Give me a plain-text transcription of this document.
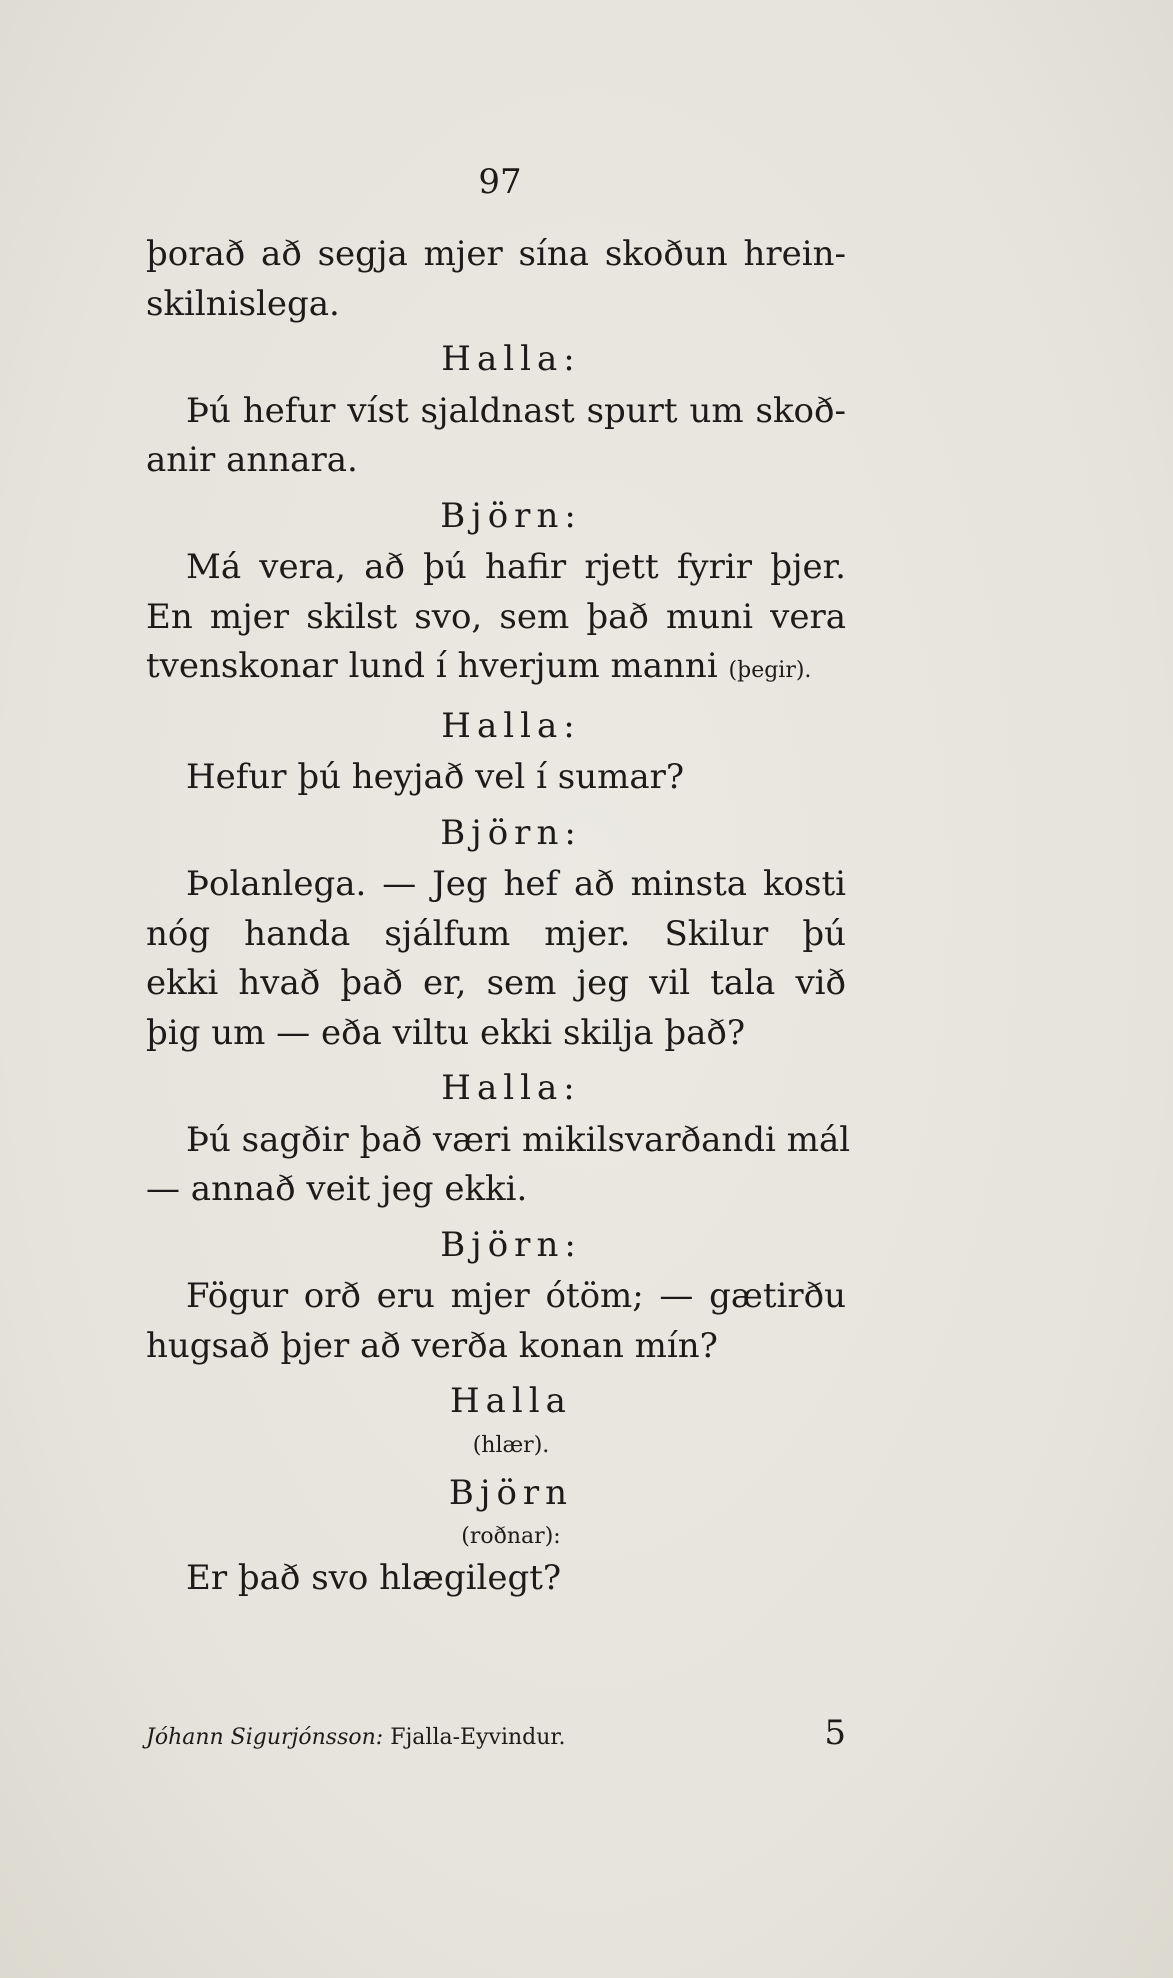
97
þorað að segja mjer sína skoðun hrein-
skilnislega.
Halla:
Þú hefur víst sjaldnast spurt um skoð-
anir annara.
Björn:
Má vera, að þú hafir rjett fyrir þjer.
En mjer skilst svo, sem það muni vera
tvenskonar lund í hverjum manni (þegir).
Halla:
Hefur þú heyjað vel í sumar?
Björn:
Þolanlega. — Jeg hef að minsta kosti
nóg handa sjálfum mjer. Skilur þú
ekki hvað það er, sem jeg vil tala við
þig um — eða viltu ekki skilja það?
Halla:
Þú sagðir það væri mikilsvarðandi mál
— annað veit jeg ekki.
Björn:
Fögur orð eru mjer ótöm; — gætirðu
hugsað þjer að verða konan mín?
Halla
(hlær).
Björn
(roðnar):
Er það svo hlægilegt?
Jóhann Sigurjónsson: Fjalla-Eyvindur.	5
